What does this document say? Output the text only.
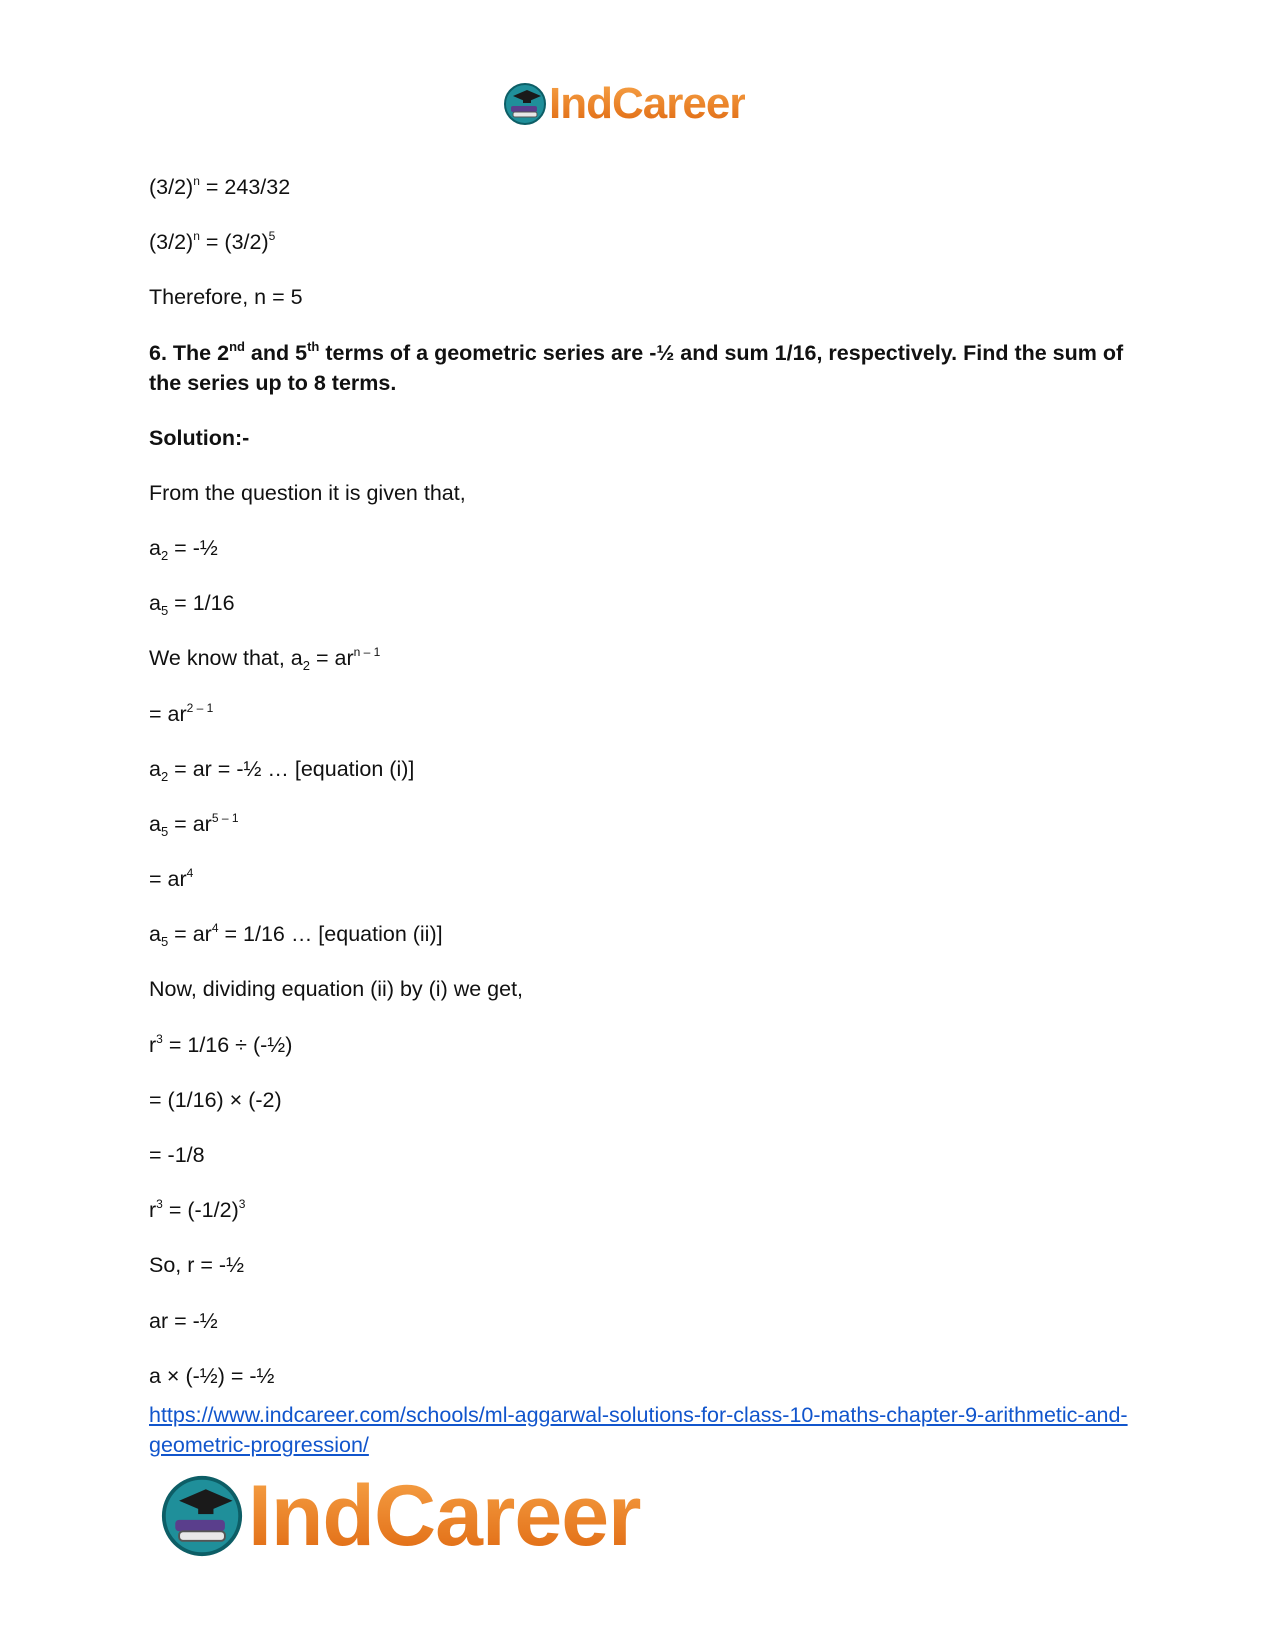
IndCareer
$(3/2)^n = 243/32$
$(3/2)^n = (3/2)^5$
Therefore, n = 5
6. The 2nd and 5th terms of a geometric series are -½ and sum 1/16, respectively. Find the sum of the series up to 8 terms.
Solution:-
From the question it is given that,
$a_2$ = -½
$a_5 = 1/16$
We know that, $a_2 = ar^{n - 1}$
= $ar^{2 - 1}$
$a_2$ = ar = -½ … [equation (i)]
$a_5 = ar^{5 - 1}$
= $ar^4$
$a_5 = ar^4 = 1/16$ … [equation (ii)]
Now, dividing equation (ii) by (i) we get,
$r^3 = 1/16$ ÷ (-½)
= (1/16) × (-2)
= -1/8
$r^3 = (-1/2)^3$
So, r = -½
ar = -½
a × (-½) = -½
https://www.indcareer.com/schools/ml-aggarwal-solutions-for-class-10-maths-chapter-9-arithmetic-and-geometric-progression/
IndCareer
